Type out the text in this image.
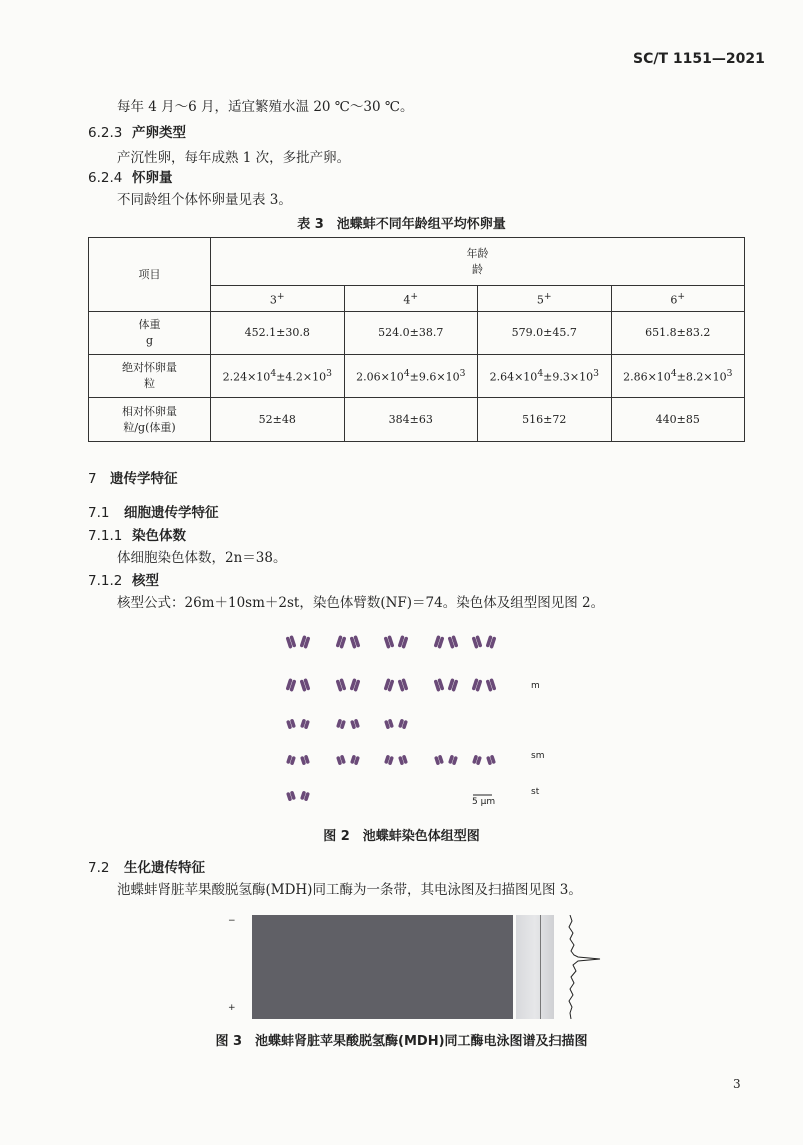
SC/T 1151—2021
每年 4 月～6 月，适宜繁殖水温 20 ℃～30 ℃。
6.2.3 产卵类型
产沉性卵，每年成熟 1 次，多批产卵。
6.2.4 怀卵量
不同龄组个体怀卵量见表 3。
表 3　池蝶蚌不同年龄组平均怀卵量
项目	年龄
龄			

	3+	4+	5+	6+

体重
g	452.1±30.8	524.0±38.7	579.0±45.7	651.8±83.2

绝对怀卵量
粒	$2.24\times 10^4\pm 4.2\times 10^3$	$2.06\times 10^4\pm 9.6\times 10^3$	$2.64\times 10^4\pm 9.3\times 10^3$	$2.86\times 10^4\pm 8.2\times 10^3$

相对怀卵量
粒/g(体重)	52±48	384±63	516±72	440±85
7 遗传学特征
7.1 细胞遗传学特征
7.1.1 染色体数
体细胞染色体数，2n＝38。
7.1.2 核型
核型公式：26m＋10sm＋2st，染色体臂数(NF)＝74。染色体及组型图见图 2。
m
sm
st
5 μm
图 2　池蝶蚌染色体组型图
7.2 生化遗传特征
池蝶蚌肾脏苹果酸脱氢酶(MDH)同工酶为一条带，其电泳图及扫描图见图 3。
−
+
图 3　池蝶蚌肾脏苹果酸脱氢酶(MDH)同工酶电泳图谱及扫描图
3
